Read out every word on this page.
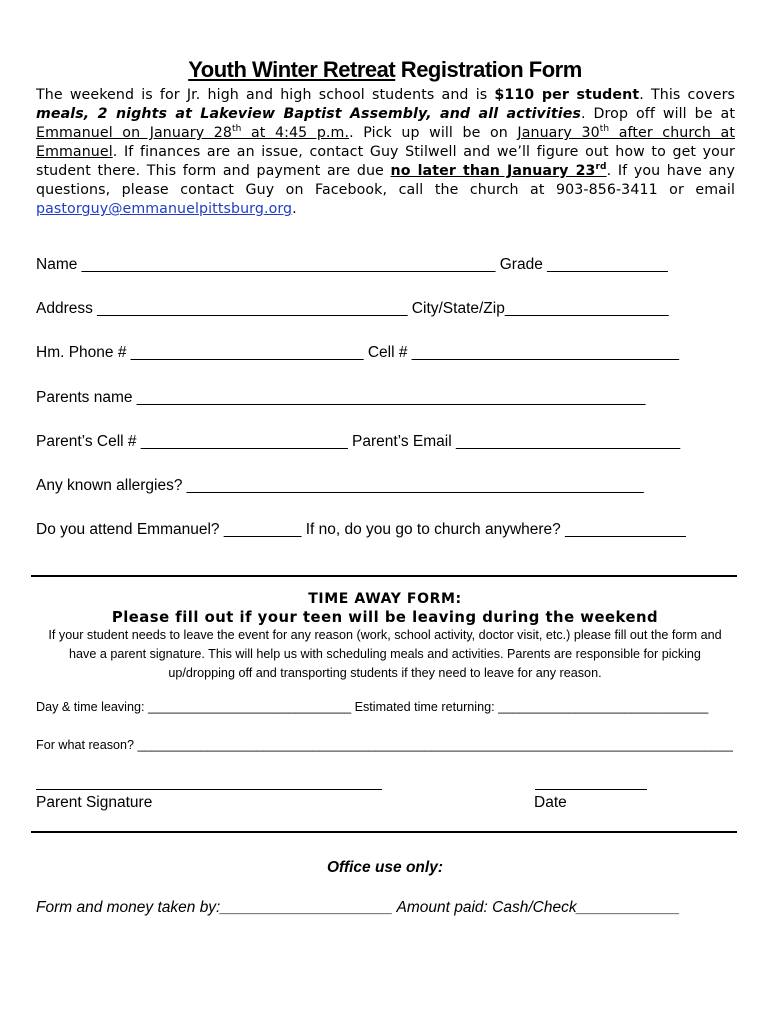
Youth Winter Retreat Registration Form
The weekend is for Jr. high and high school students and is $110 per student. This covers meals, 2 nights at Lakeview Baptist Assembly, and all activities. Drop off will be at Emmanuel on January 28th at 4:45 p.m.. Pick up will be on January 30th after church at Emmanuel. If finances are an issue, contact Guy Stilwell and we’ll figure out how to get your student there. This form and payment are due no later than January 23rd. If you have any questions, please contact Guy on Facebook, call the church at 903-856-3411 or email pastorguy@emmanuelpittsburg.org.
Name ________________________________________________ Grade ______________
Address ____________________________________ City/State/Zip___________________
Hm. Phone # ___________________________ Cell # _______________________________
Parents name ___________________________________________________________
Parent’s Cell # ________________________ Parent’s Email __________________________
Any known allergies? _____________________________________________________
Do you attend Emmanuel? _________ If no, do you go to church anywhere? ______________
TIME AWAY FORM:
Please fill out if your teen will be leaving during the weekend
If your student needs to leave the event for any reason (work, school activity, doctor visit, etc.) please fill out the form and have a parent signature. This will help us with scheduling meals and activities. Parents are responsible for picking up/dropping off and transporting students if they need to leave for any reason.
Day & time leaving: _____________________________ Estimated time returning: ______________________________
For what reason? _____________________________________________________________________________________
Parent Signature	Date
Office use only:
Form and money taken by:____________________ Amount paid: Cash/Check____________
